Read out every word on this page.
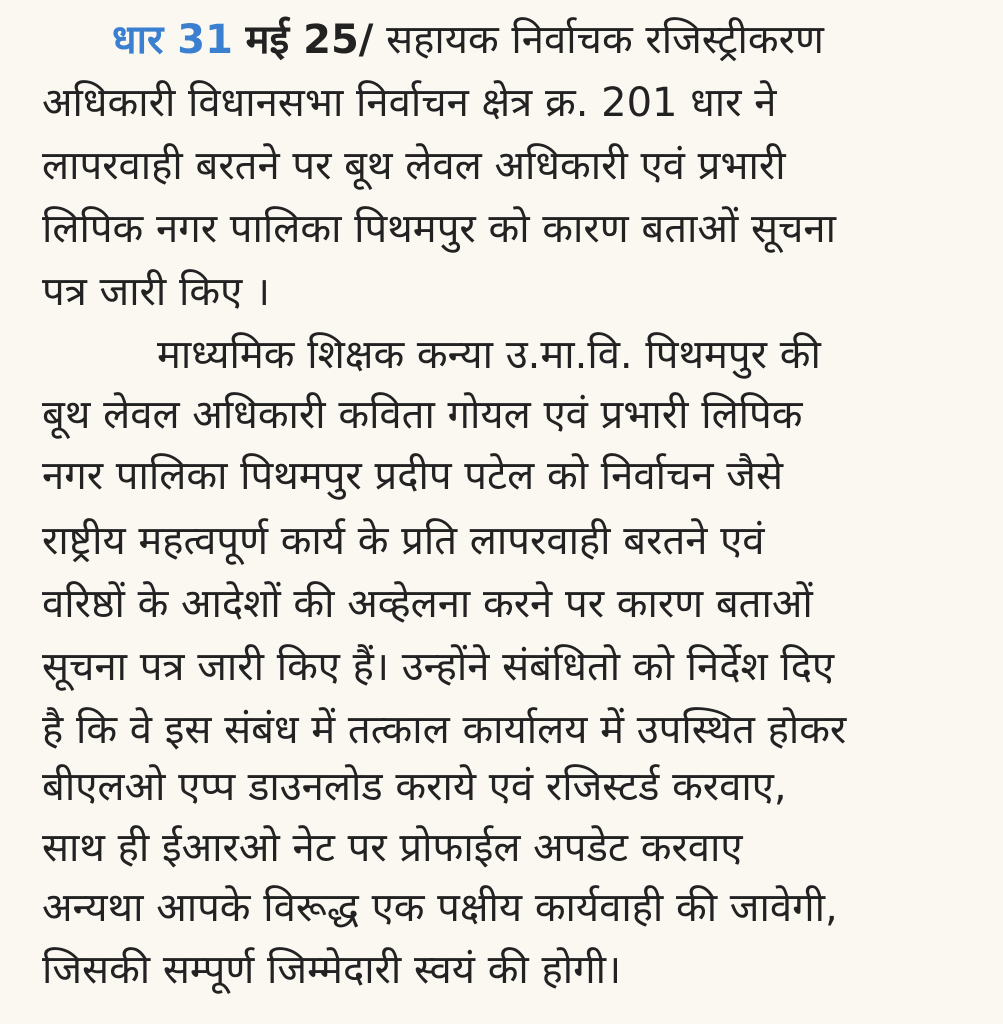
धार 31 मई 25/ सहायक निर्वाचक रजिस्ट्रीकरण
अधिकारी विधानसभा निर्वाचन क्षेत्र क्र. 201 धार ने
लापरवाही बरतने पर बूथ लेवल अधिकारी एवं प्रभारी
लिपिक नगर पालिका पिथमपुर को कारण बताओं सूचना
पत्र जारी किए ।
माध्यमिक शिक्षक कन्या उ.मा.वि. पिथमपुर की
बूथ लेवल अधिकारी कविता गोयल एवं प्रभारी लिपिक
नगर पालिका पिथमपुर प्रदीप पटेल को निर्वाचन जैसे
राष्ट्रीय महत्वपूर्ण कार्य के प्रति लापरवाही बरतने एवं
वरिष्ठों के आदेशों की अव्हेलना करने पर कारण बताओं
सूचना पत्र जारी किए हैं। उन्होंने संबंधितो को निर्देश दिए
है कि वे इस संबंध में तत्काल कार्यालय में उपस्थित होकर
बीएलओ एप्प डाउनलोड कराये एवं रजिस्टर्ड करवाए,
साथ ही ईआरओ नेट पर प्रोफाईल अपडेट करवाए
अन्यथा आपके विरूद्ध एक पक्षीय कार्यवाही की जावेगी,
जिसकी सम्पूर्ण जिम्मेदारी स्वयं की होगी।
